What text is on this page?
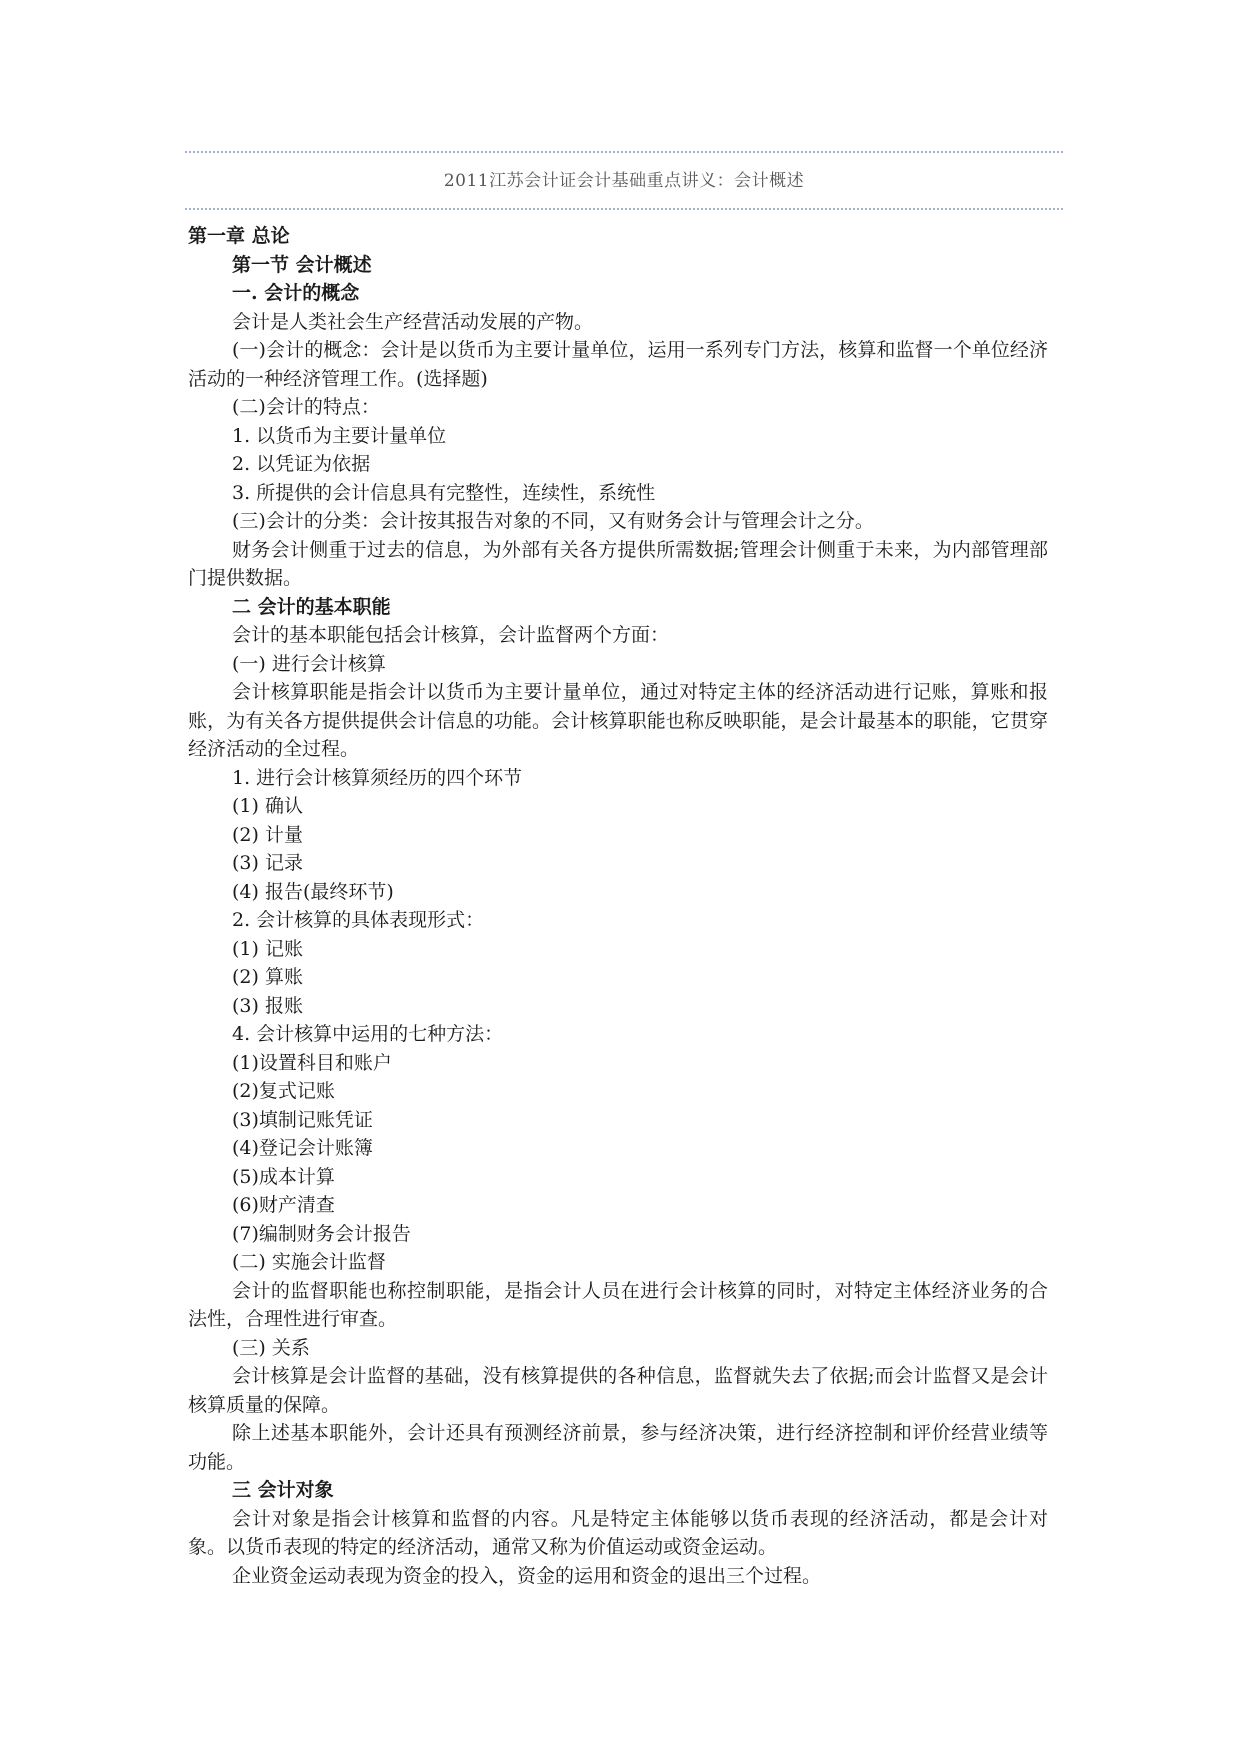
2011江苏会计证会计基础重点讲义：会计概述
第一章 总论
第一节 会计概述
一. 会计的概念
会计是人类社会生产经营活动发展的产物。
(一)会计的概念：会计是以货币为主要计量单位，运用一系列专门方法，核算和监督一个单位经济活动的一种经济管理工作。(选择题)
(二)会计的特点：
1. 以货币为主要计量单位
2. 以凭证为依据
3. 所提供的会计信息具有完整性，连续性，系统性
(三)会计的分类：会计按其报告对象的不同，又有财务会计与管理会计之分。
财务会计侧重于过去的信息，为外部有关各方提供所需数据;管理会计侧重于未来，为内部管理部门提供数据。
二 会计的基本职能
会计的基本职能包括会计核算，会计监督两个方面：
(一) 进行会计核算
会计核算职能是指会计以货币为主要计量单位，通过对特定主体的经济活动进行记账，算账和报账，为有关各方提供提供会计信息的功能。会计核算职能也称反映职能，是会计最基本的职能，它贯穿经济活动的全过程。
1. 进行会计核算须经历的四个环节
(1) 确认
(2) 计量
(3) 记录
(4) 报告(最终环节)
2. 会计核算的具体表现形式：
(1) 记账
(2) 算账
(3) 报账
4. 会计核算中运用的七种方法：
(1)设置科目和账户
(2)复式记账
(3)填制记账凭证
(4)登记会计账簿
(5)成本计算
(6)财产清查
(7)编制财务会计报告
(二) 实施会计监督
会计的监督职能也称控制职能，是指会计人员在进行会计核算的同时，对特定主体经济业务的合法性，合理性进行审查。
(三) 关系
会计核算是会计监督的基础，没有核算提供的各种信息，监督就失去了依据;而会计监督又是会计核算质量的保障。
除上述基本职能外，会计还具有预测经济前景，参与经济决策，进行经济控制和评价经营业绩等功能。
三 会计对象
会计对象是指会计核算和监督的内容。凡是特定主体能够以货币表现的经济活动，都是会计对象。以货币表现的特定的经济活动，通常又称为价值运动或资金运动。
企业资金运动表现为资金的投入，资金的运用和资金的退出三个过程。
